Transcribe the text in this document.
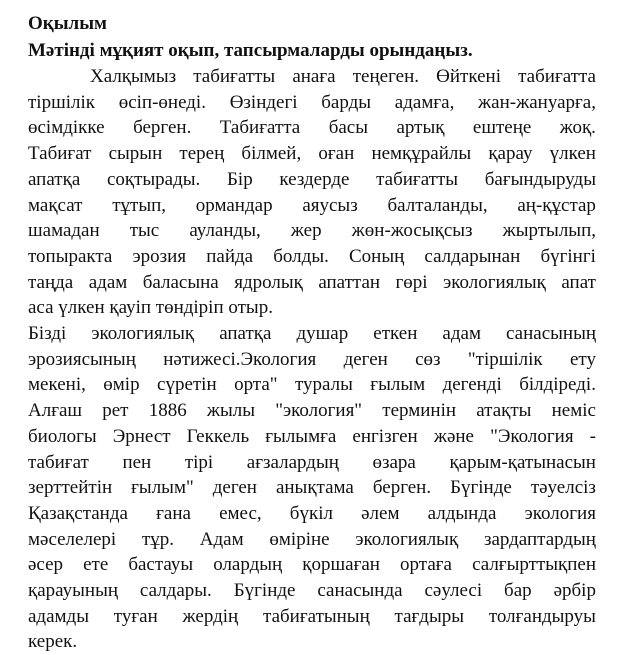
Оқылым
Мәтінді мұқият оқып, тапсырмаларды орындаңыз.
Халқымыз табиғатты анаға теңеген. Өйткені табиғатта
тіршілік өсіп-өнеді. Өзіндегі барды адамға, жан-жануарға,
өсімдікке берген. Табиғатта басы артық ештеңе жоқ.
Табиғат сырын терең білмей, оған немқұрайлы қарау үлкен
апатқа соқтырады. Бір кездерде табиғатты бағындыруды
мақсат тұтып, ормандар аяусыз балталанды, аң-құстар
шамадан тыс ауланды, жер жөн-жосықсыз жыртылып,
топыракта эрозия пайда болды. Соның салдарынан бүгінгі
таңда адам баласына ядролық апаттан гөрі экологиялық апат
аса үлкен қауіп төндіріп отыр.
Бізді экологиялық апатқа душар еткен адам санасының
эрозиясының нәтижесі.Экология деген сөз "тіршілік ету
мекені, өмір сүретін орта" туралы ғылым дегенді білдіреді.
Алғаш рет 1886 жылы "экология" терминін атақты неміс
биологы Эрнест Геккель ғылымға енгізген және "Экология -
табиғат пен тірі ағзалардың өзара қарым-қатынасын
зерттейтін ғылым" деген анықтама берген. Бүгінде тәуелсіз
Қазақстанда ғана емес, бүкіл әлем алдында экология
мәселелері тұр. Адам өміріне экологиялық зардаптардың
әсер ете бастауы олардың қоршаған ортаға салғырттықпен
қарауының салдары. Бүгінде санасында сәулесі бар әрбір
адамды туған жердің табиғатының тағдыры толғандыруы
керек.
